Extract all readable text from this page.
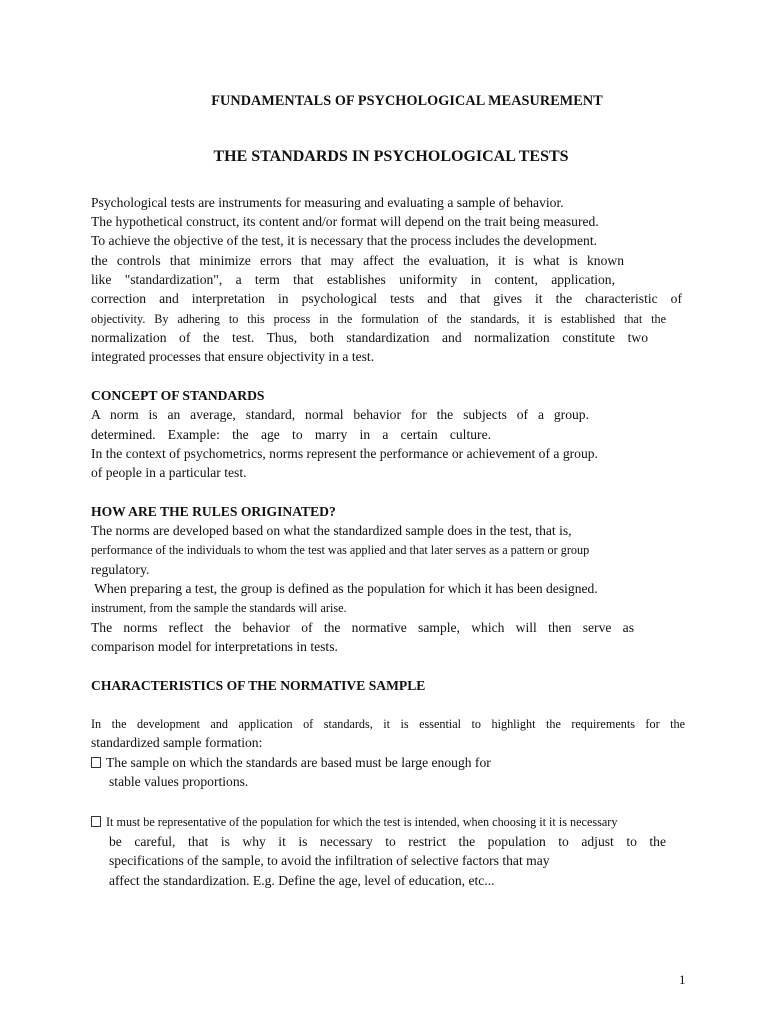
FUNDAMENTALS OF PSYCHOLOGICAL MEASUREMENT
THE STANDARDS IN PSYCHOLOGICAL TESTS
Psychological tests are instruments for measuring and evaluating a sample of behavior.
The hypothetical construct, its content and/or format will depend on the trait being measured.
To achieve the objective of the test, it is necessary that the process includes the development.
the controls that minimize errors that may affect the evaluation, it is what is known
like "standardization", a term that establishes uniformity in content, application,
correction and interpretation in psychological tests and that gives it the characteristic of
objectivity. By adhering to this process in the formulation of the standards, it is established that the
normalization of the test. Thus, both standardization and normalization constitute two
integrated processes that ensure objectivity in a test.
CONCEPT OF STANDARDS
A norm is an average, standard, normal behavior for the subjects of a group.
determined. Example: the age to marry in a certain culture.
In the context of psychometrics, norms represent the performance or achievement of a group.
of people in a particular test.
HOW ARE THE RULES ORIGINATED?
The norms are developed based on what the standardized sample does in the test, that is,
performance of the individuals to whom the test was applied and that later serves as a pattern or group
regulatory.
When preparing a test, the group is defined as the population for which it has been designed.
instrument, from the sample the standards will arise.
The norms reflect the behavior of the normative sample, which will then serve as
comparison model for interpretations in tests.
CHARACTERISTICS OF THE NORMATIVE SAMPLE
In the development and application of standards, it is essential to highlight the requirements for the
standardized sample formation:
The sample on which the standards are based must be large enough for
stable values proportions.
It must be representative of the population for which the test is intended, when choosing it it is necessary
be careful, that is why it is necessary to restrict the population to adjust to the
specifications of the sample, to avoid the infiltration of selective factors that may
affect the standardization. E.g. Define the age, level of education, etc...
1
